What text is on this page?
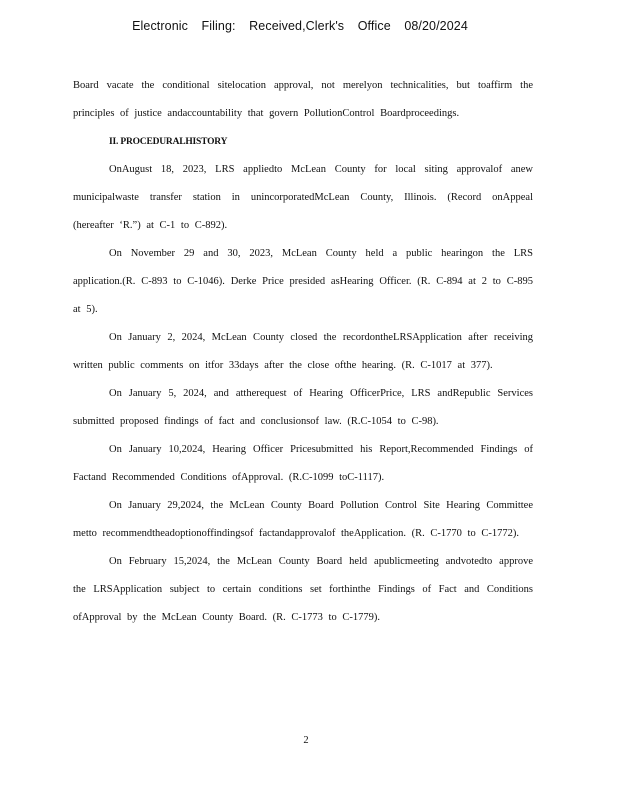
Electronic Filing: Received,Clerk's Office 08/20/2024

Board vacate the conditional sitelocation approval, not merelyon technicalities, but toaffirm the principles of justice andaccountability that govern PollutionControl Boardproceedings.

II. PROCEDURALHISTORY

OnAugust 18, 2023, LRS appliedto McLean County for local siting approvalof anew municipalwaste transfer station in unincorporatedMcLean County, Illinois. (Record onAppeal (hereafter ‘R.”) at C-1 to C-892).

On November 29 and 30, 2023, McLean County held a public hearingon the LRS application.(R. C-893 to C-1046). Derke Price presided asHearing Officer. (R. C-894 at 2 to C-895 at 5).

On January 2, 2024, McLean County closed the recordontheLRSApplication after receiving written public comments on itfor 33days after the close ofthe hearing. (R. C-1017 at 377).

On January 5, 2024, and attherequest of Hearing OfficerPrice, LRS andRepublic Services submitted proposed findings of fact and conclusionsof law. (R.C-1054 to C-98).

On January 10,2024, Hearing Officer Pricesubmitted his Report,Recommended Findings of Factand Recommended Conditions ofApproval. (R.C-1099 toC-1117).

On January 29,2024, the McLean County Board Pollution Control Site Hearing Committee metto recommendtheadoptionoffindingsof factandapprovalof theApplication. (R. C-1770 to C-1772).

On February 15,2024, the McLean County Board held apublicmeeting andvotedto approve the LRSApplication subject to certain conditions set forthinthe Findings of Fact and Conditions ofApproval by the McLean County Board. (R. C-1773 to C-1779).

2
